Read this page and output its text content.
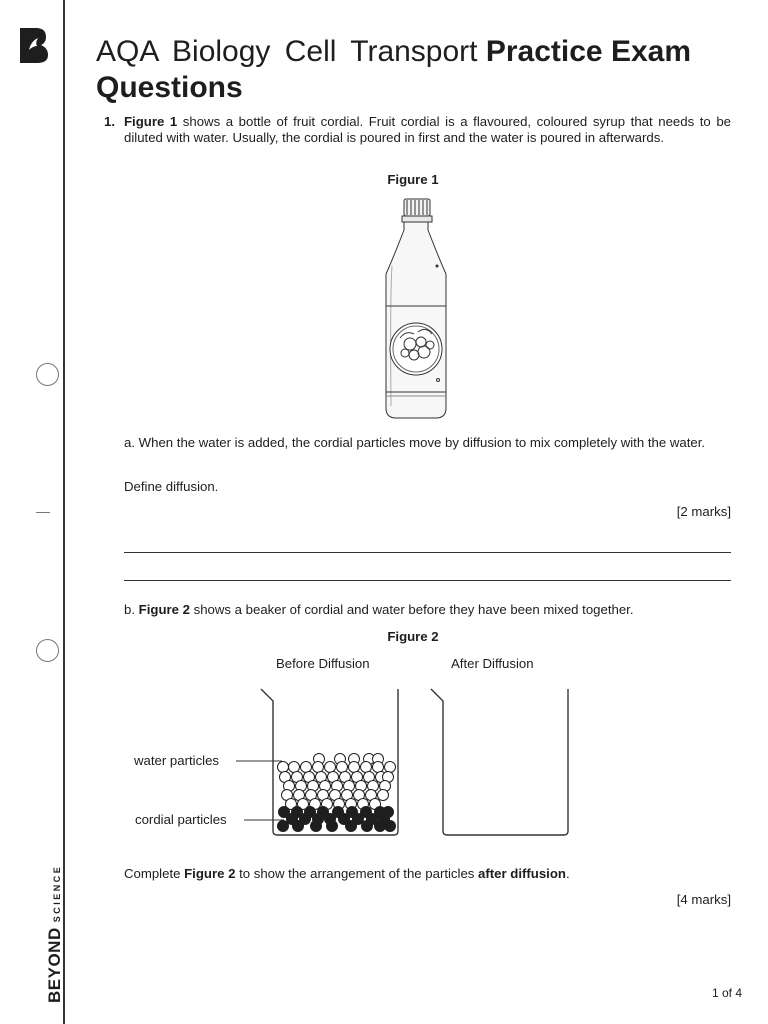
BEYONDSCIENCE
AQA Biology Cell Transport Practice Exam Questions
1. Figure 1 shows a bottle of fruit cordial. Fruit cordial is a flavoured, coloured syrup that needs to be diluted with water. Usually, the cordial is poured in first and the water is poured in afterwards.
Figure 1
a. When the water is added, the cordial particles move by diffusion to mix completely with the water.
Define diffusion.
[2 marks]
b. Figure 2 shows a beaker of cordial and water before they have been mixed together.
Figure 2
Before Diffusion	After Diffusion
water particles
cordial particles
Complete Figure 2 to show the arrangement of the particles after diffusion.
[4 marks]
1 of 4
